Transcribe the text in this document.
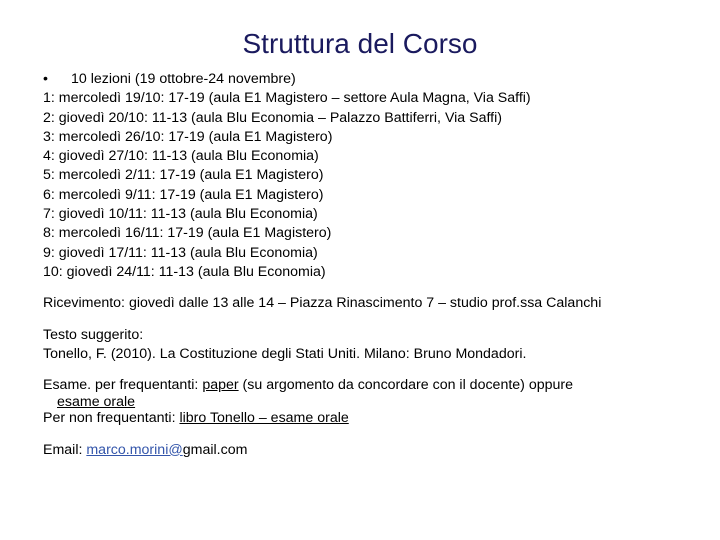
Struttura del Corso
• 10 lezioni (19 ottobre-24 novembre)
1: mercoledì 19/10: 17-19 (aula E1 Magistero – settore Aula Magna, Via Saffi)
2: giovedì 20/10: 11-13 (aula Blu Economia – Palazzo Battiferri, Via Saffi)
3: mercoledì 26/10: 17-19 (aula E1 Magistero)
4: giovedì 27/10: 11-13 (aula Blu Economia)
5: mercoledì 2/11: 17-19 (aula E1 Magistero)
6: mercoledì 9/11: 17-19 (aula E1 Magistero)
7: giovedì 10/11: 11-13 (aula Blu Economia)
8: mercoledì 16/11: 17-19 (aula E1 Magistero)
9: giovedì 17/11: 11-13 (aula Blu Economia)
10: giovedì 24/11: 11-13 (aula Blu Economia)
Ricevimento: giovedì dalle 13 alle 14 – Piazza Rinascimento 7 – studio prof.ssa Calanchi
Testo suggerito:
Tonello, F. (2010). La Costituzione degli Stati Uniti. Milano: Bruno Mondadori.
Esame. per frequentanti: paper (su argomento da concordare con il docente) oppure
esame orale
Per non frequentanti: libro Tonello – esame orale
Email: marco.morini@gmail.com
